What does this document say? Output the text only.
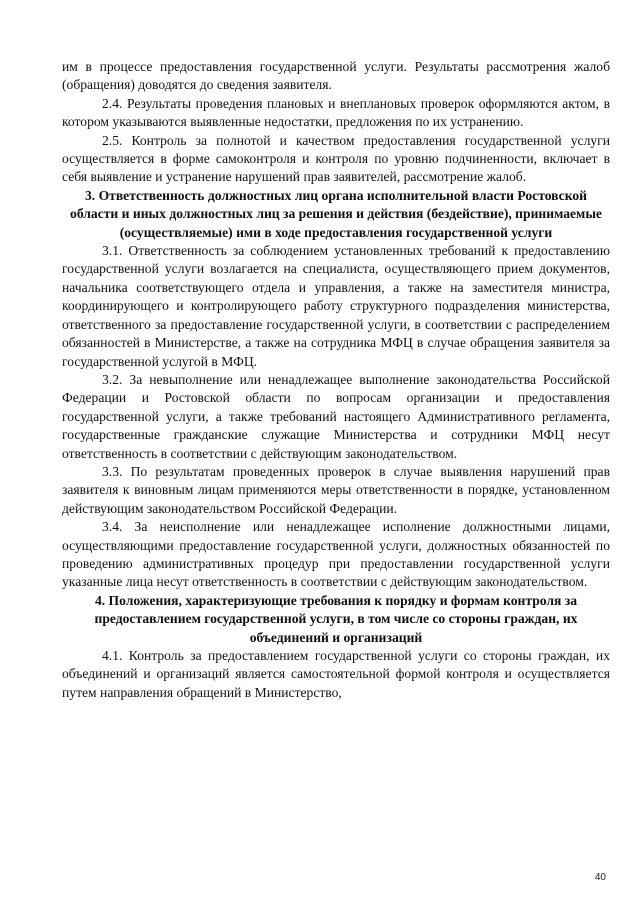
им в процессе предоставления государственной услуги. Результаты рассмотрения жалоб (обращения) доводятся до сведения заявителя.

2.4. Результаты проведения плановых и внеплановых проверок оформляются актом, в котором указываются выявленные недостатки, предложения по их устранению.

2.5. Контроль за полнотой и качеством предоставления государственной услуги осуществляется в форме самоконтроля и контроля по уровню подчиненности, включает в себя выявление и устранение нарушений прав заявителей, рассмотрение жалоб.

3. Ответственность должностных лиц органа исполнительной власти Ростовской области и иных должностных лиц за решения и действия (бездействие), принимаемые (осуществляемые) ими в ходе предоставления государственной услуги

3.1. Ответственность за соблюдением установленных требований к предоставлению государственной услуги возлагается на специалиста, осуществляющего прием документов, начальника соответствующего отдела и управления, а также на заместителя министра, координирующего и контролирующего работу структурного подразделения министерства, ответственного за предоставление государственной услуги, в соответствии с распределением обязанностей в Министерстве, а также на сотрудника МФЦ в случае обращения заявителя за государственной услугой в МФЦ.

3.2. За невыполнение или ненадлежащее выполнение законодательства Российской Федерации и Ростовской области по вопросам организации и предоставления государственной услуги, а также требований настоящего Административного регламента, государственные гражданские служащие Министерства и сотрудники МФЦ несут ответственность в соответствии с действующим законодательством.

3.3. По результатам проведенных проверок в случае выявления нарушений прав заявителя к виновным лицам применяются меры ответственности в порядке, установленном действующим законодательством Российской Федерации.

3.4. За неисполнение или ненадлежащее исполнение должностными лицами, осуществляющими предоставление государственной услуги, должностных обязанностей по проведению административных процедур при предоставлении государственной услуги указанные лица несут ответственность в соответствии с действующим законодательством.

4. Положения, характеризующие требования к порядку и формам контроля за предоставлением государственной услуги, в том числе со стороны граждан, их объединений и организаций

4.1. Контроль за предоставлением государственной услуги со стороны граждан, их объединений и организаций является самостоятельной формой контроля и осуществляется путем направления обращений в Министерство,

40
